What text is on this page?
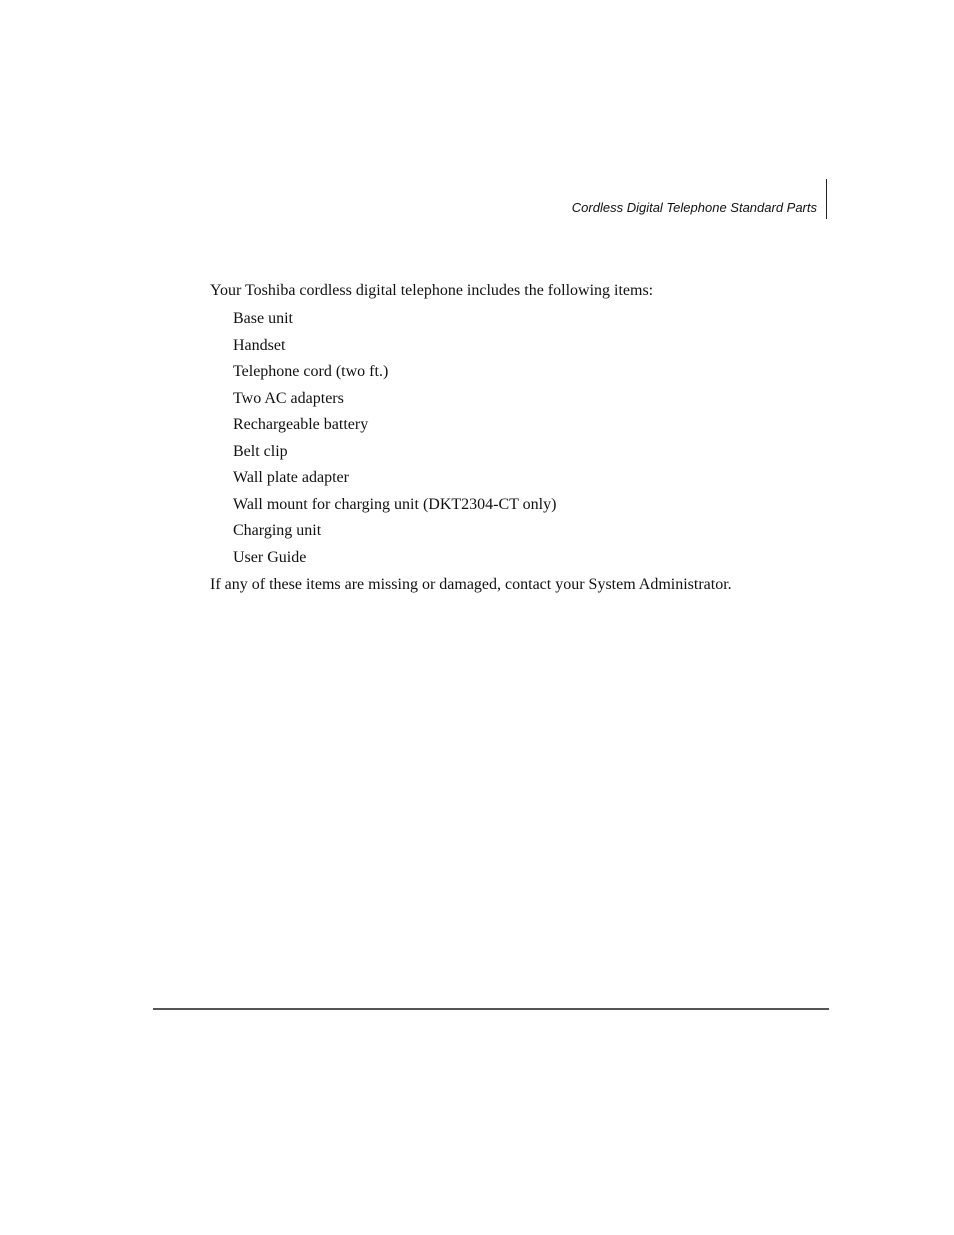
Cordless Digital Telephone Standard Parts

Your Toshiba cordless digital telephone includes the following items:

Base unit
Handset
Telephone cord (two ft.)
Two AC adapters
Rechargeable battery
Belt clip
Wall plate adapter
Wall mount for charging unit (DKT2304-CT only)
Charging unit
User Guide

If any of these items are missing or damaged, contact your System Administrator.
